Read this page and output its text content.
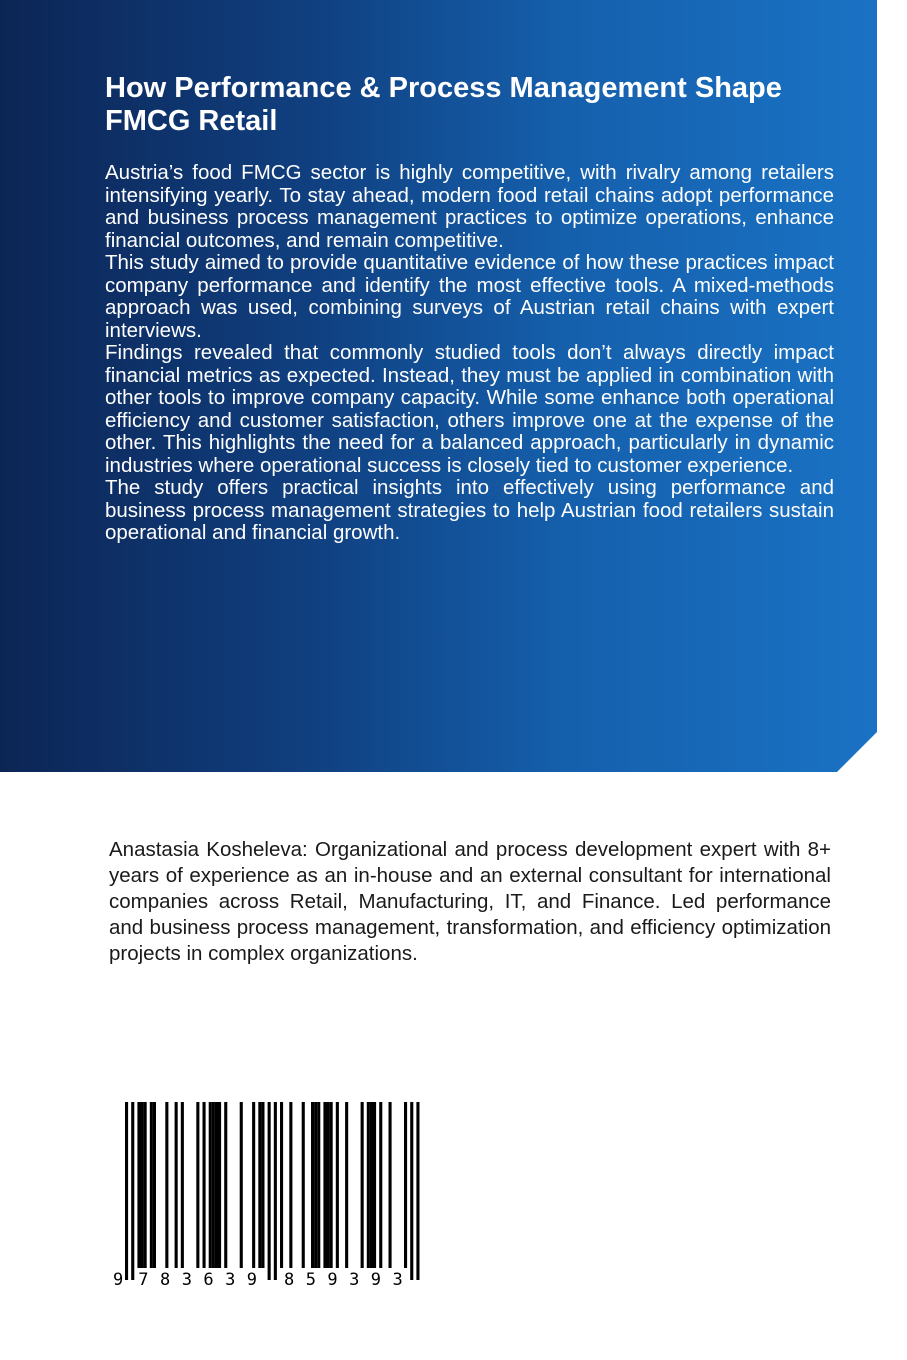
How Performance & Process Management Shape FMCG Retail

Austria’s food FMCG sector is highly competitive, with rivalry among retailers intensifying yearly. To stay ahead, modern food retail chains adopt performance and business process management practices to optimize operations, enhance financial outcomes, and remain competitive.

This study aimed to provide quantitative evidence of how these practices impact company performance and identify the most effective tools. A mixed-methods approach was used, combining surveys of Austrian retail chains with expert interviews.

Findings revealed that commonly studied tools don’t always directly impact financial metrics as expected. Instead, they must be applied in combination with other tools to improve company capacity. While some enhance both operational efficiency and customer satisfaction, others improve one at the expense of the other. This highlights the need for a balanced approach, particularly in dynamic industries where operational success is closely tied to customer experience.

The study offers practical insights into effectively using performance and business process management strategies to help Austrian food retailers sustain operational and financial growth.

Anastasia Kosheleva: Organizational and process development expert with 8+ years of experience as an in-house and an external consultant for international companies across Retail, Manufacturing, IT, and Finance. Led performance and business process management, transformation, and efficiency optimization projects in complex organizations.

9 7 8 3 6 3 9 8 5 9 3 9 3
